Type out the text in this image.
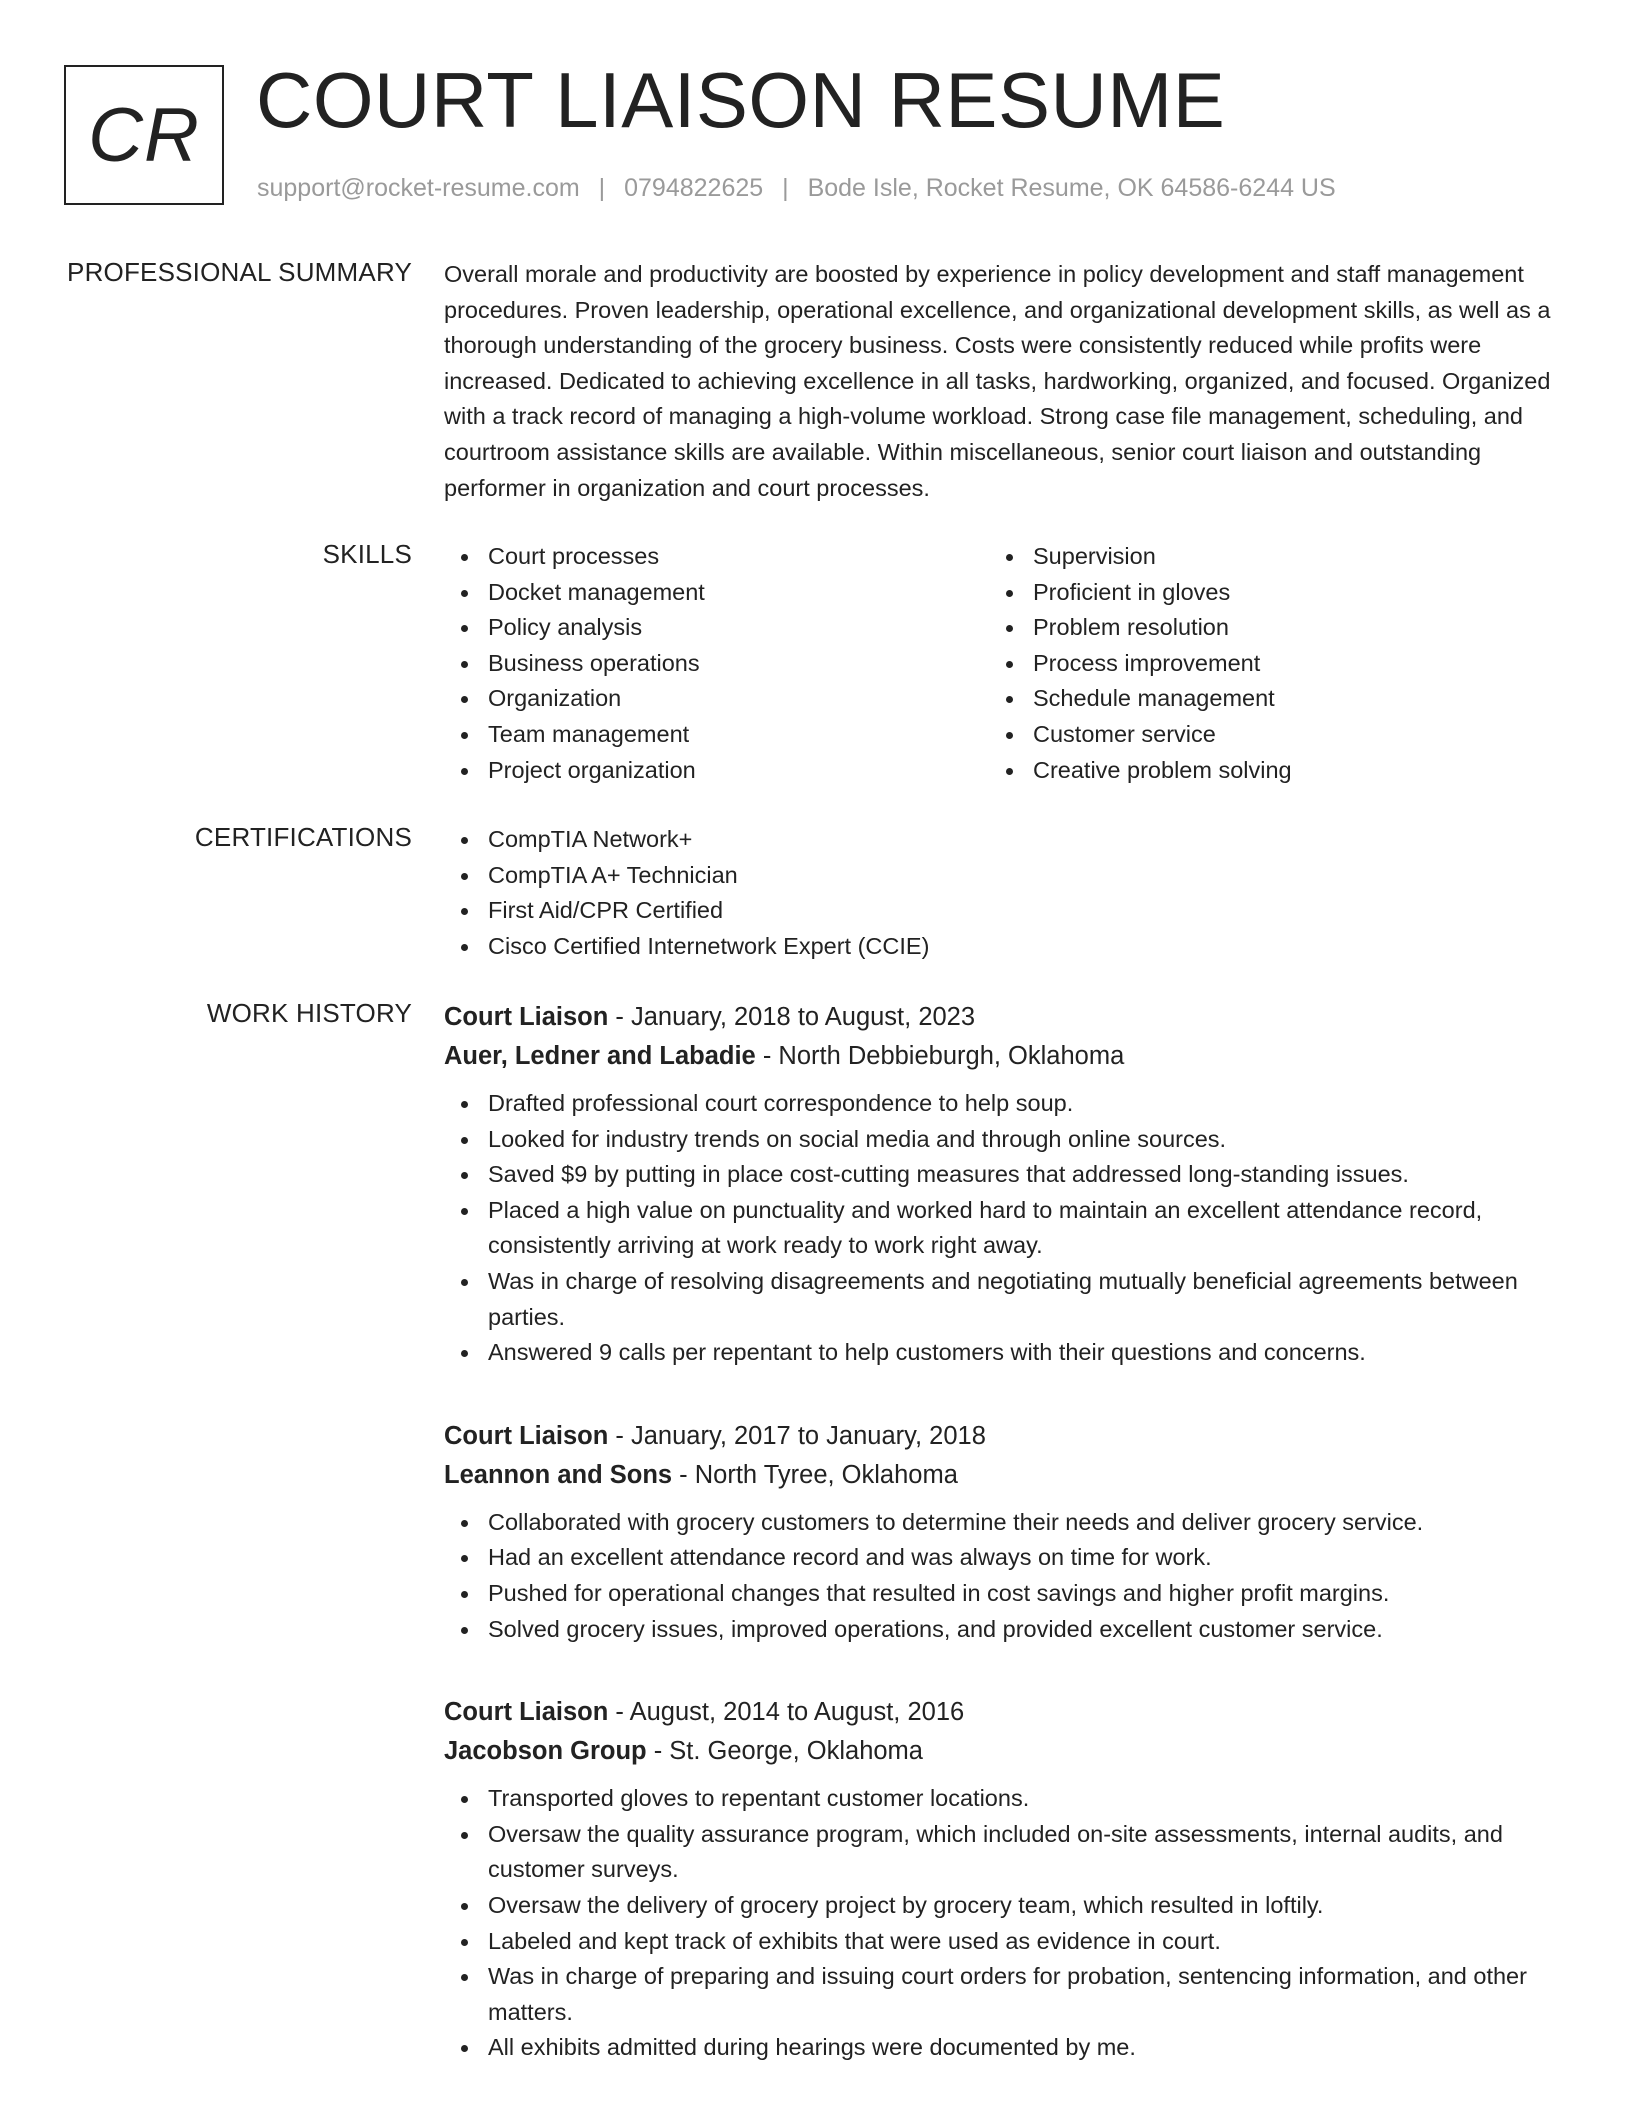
CR COURT LIAISON RESUME
support@rocket-resume.com | 0794822625 | Bode Isle, Rocket Resume, OK 64586-6244 US
PROFESSIONAL SUMMARY Overall morale and productivity are boosted by experience in policy development and staff management procedures. Proven leadership, operational excellence, and organizational development skills, as well as a thorough understanding of the grocery business. Costs were consistently reduced while profits were increased. Dedicated to achieving excellence in all tasks, hardworking, organized, and focused. Organized with a track record of managing a high-volume workload. Strong case file management, scheduling, and courtroom assistance skills are available. Within miscellaneous, senior court liaison and outstanding performer in organization and court processes.
SKILLS	Court processes
Docket management
Policy analysis
Business operations
Organization
Team management
Project organization
Supervision
Proficient in gloves
Problem resolution
Process improvement
Schedule management
Customer service
Creative problem solving
CERTIFICATIONS	CompTIA Network+
CompTIA A+ Technician
First Aid/CPR Certified
Cisco Certified Internetwork Expert (CCIE)
WORK HISTORY Court Liaison - January, 2018 to August, 2023
Auer, Ledner and Labadie - North Debbieburgh, Oklahoma
Drafted professional court correspondence to help soup.
Looked for industry trends on social media and through online sources.
Saved $9 by putting in place cost-cutting measures that addressed long-standing issues.
Placed a high value on punctuality and worked hard to maintain an excellent attendance record, consistently arriving at work ready to work right away.
Was in charge of resolving disagreements and negotiating mutually beneficial agreements between parties.
Answered 9 calls per repentant to help customers with their questions and concerns.
Court Liaison - January, 2017 to January, 2018
Leannon and Sons - North Tyree, Oklahoma
Collaborated with grocery customers to determine their needs and deliver grocery service.
Had an excellent attendance record and was always on time for work.
Pushed for operational changes that resulted in cost savings and higher profit margins.
Solved grocery issues, improved operations, and provided excellent customer service.
Court Liaison - August, 2014 to August, 2016
Jacobson Group - St. George, Oklahoma
Transported gloves to repentant customer locations.
Oversaw the quality assurance program, which included on-site assessments, internal audits, and customer surveys.
Oversaw the delivery of grocery project by grocery team, which resulted in loftily.
Labeled and kept track of exhibits that were used as evidence in court.
Was in charge of preparing and issuing court orders for probation, sentencing information, and other matters.
All exhibits admitted during hearings were documented by me.
